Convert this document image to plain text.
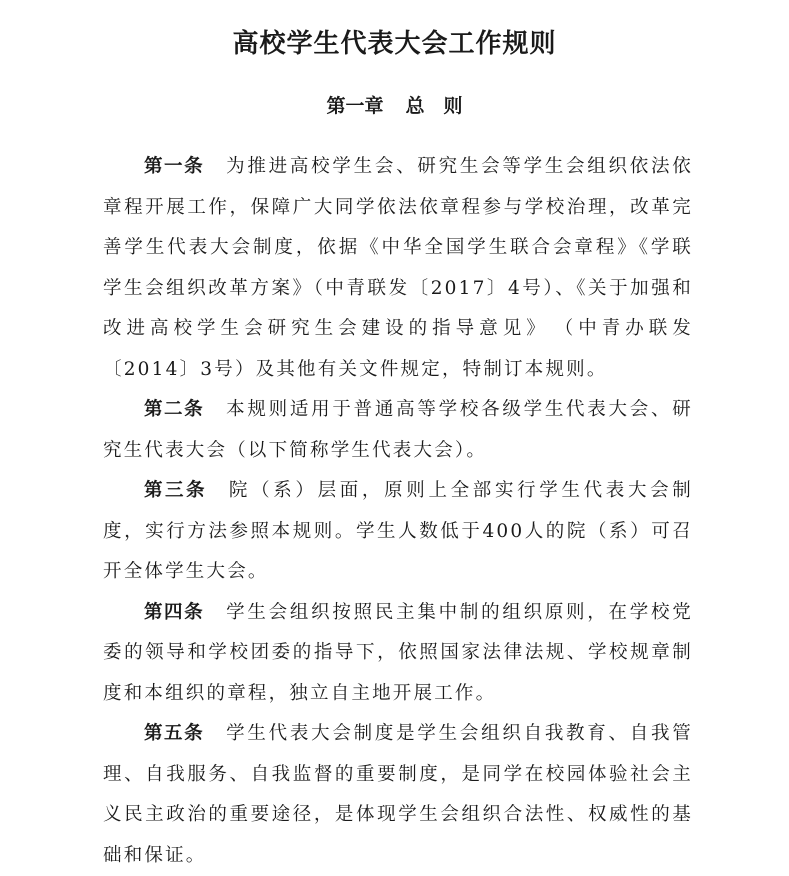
高校学生代表大会工作规则
第一章 总　则

第一条 为推进高校学生会、研究生会等学生会组织依法依章程开展工作，保障广大同学依法依章程参与学校治理，改革完善学生代表大会制度，依据《中华全国学生联合会章程》《学联学生会组织改革方案》（中青联发〔2017〕4号）、《关于加强和改进高校学生会研究生会建设的指导意见》　（中青办联发〔2014〕3号）及其他有关文件规定，特制订本规则。

第二条 本规则适用于普通高等学校各级学生代表大会、研究生代表大会（以下简称学生代表大会）。

第三条 院（系）层面，原则上全部实行学生代表大会制度，实行方法参照本规则。学生人数低于400人的院（系）可召开全体学生大会。

第四条 学生会组织按照民主集中制的组织原则，在学校党委的领导和学校团委的指导下，依照国家法律法规、学校规章制度和本组织的章程，独立自主地开展工作。

第五条 学生代表大会制度是学生会组织自我教育、自我管理、自我服务、自我监督的重要制度，是同学在校园体验社会主义民主政治的重要途径，是体现学生会组织合法性、权威性的基础和保证。
